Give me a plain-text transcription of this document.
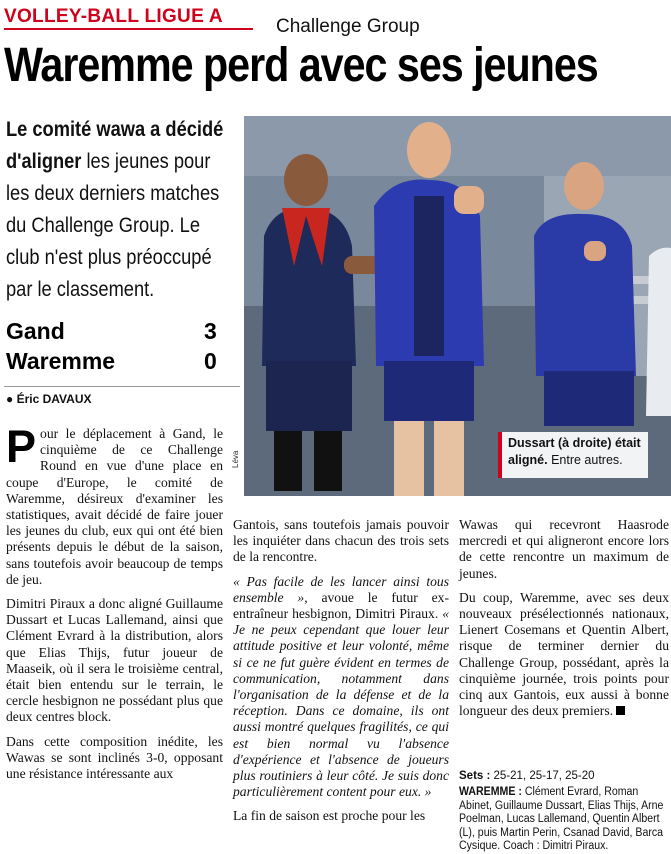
VOLLEY-BALL LIGUE A	Challenge Group
Waremme perd avec ses jeunes
Le comité wawa a décidé d'aligner les jeunes pour les deux derniers matches du Challenge Group. Le club n'est plus préoccupé par le classement.
Gand	3
Waremme	0
● Éric DAVAUX
Léva
Dussart (à droite) était aligné. Entre autres.

Pour le déplacement à Gand, le cinquième de ce Challenge Round en vue d'une place en coupe d'Europe, le comité de Waremme, désireux d'examiner les statistiques, avait décidé de faire jouer les jeunes du club, eux qui ont été bien présents depuis le début de la saison, sans toutefois avoir beaucoup de temps de jeu.

Dimitri Piraux a donc aligné Guillaume Dussart et Lucas Lallemand, ainsi que Clément Evrard à la distribution, alors que Elias Thijs, futur joueur de Maaseik, où il sera le troisième central, était bien entendu sur le terrain, le cercle hesbignon ne possédant plus que deux centres block.

Dans cette composition inédite, les Wawas se sont inclinés 3-0, opposant une résistance intéressante aux

Gantois, sans toutefois jamais pouvoir les inquiéter dans chacun des trois sets de la rencontre.

« Pas facile de les lancer ainsi tous ensemble », avoue le futur ex-entraîneur hesbignon, Dimitri Piraux. « Je ne peux cependant que louer leur attitude positive et leur volonté, même si ce ne fut guère évident en termes de communication, notamment dans l'organisation de la défense et de la réception. Dans ce domaine, ils ont aussi montré quelques fragilités, ce qui est bien normal vu l'absence d'expérience et l'absence de joueurs plus routiniers à leur côté. Je suis donc particulièrement content pour eux. »

La fin de saison est proche pour les

Wawas qui recevront Haasrode mercredi et qui aligneront encore lors de cette rencontre un maximum de jeunes.

Du coup, Waremme, avec ses deux nouveaux présélectionnés nationaux, Lienert Cosemans et Quentin Albert, risque de terminer dernier du Challenge Group, possédant, après la cinquième journée, trois points pour cinq aux Gantois, eux aussi à bonne longueur des deux premiers.

Sets : 25-21, 25-17, 25-20
WAREMME : Clément Evrard, Roman Abinet, Guillaume Dussart, Elias Thijs, Arne Poelman, Lucas Lallemand, Quentin Albert (L), puis Martin Perin, Csanad David, Barca Cysique. Coach : Dimitri Piraux.
